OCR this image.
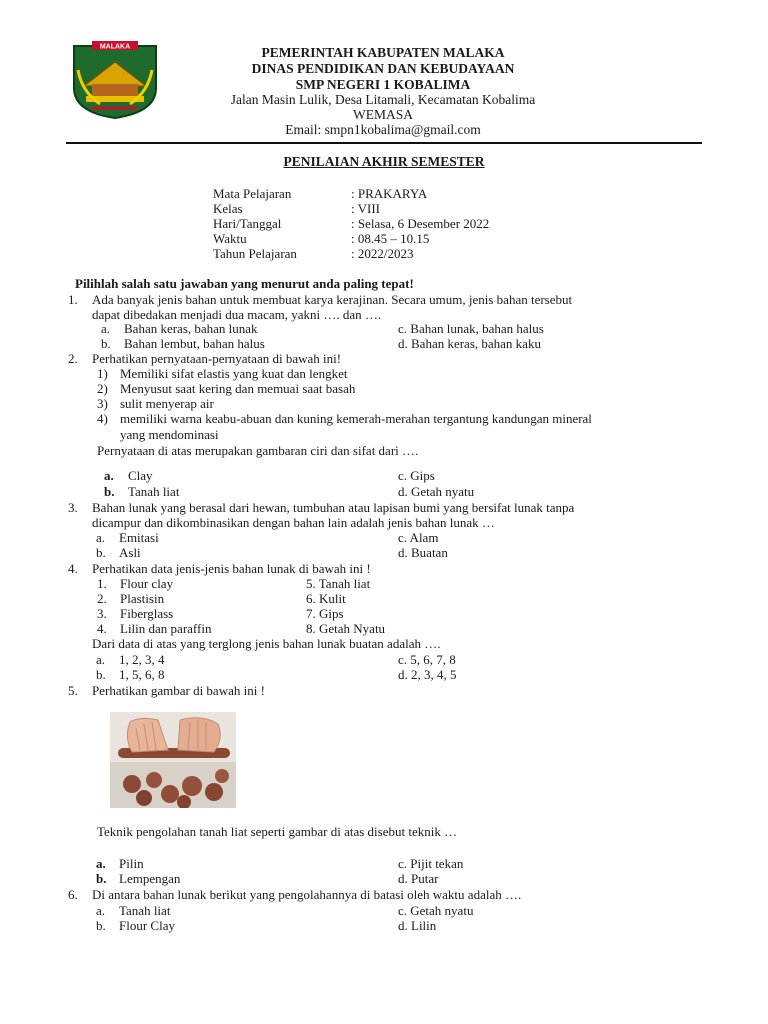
MALAKA	PEMERINTAH KABUPATEN MALAKA
DINAS PENDIDIKAN DAN KEBUDAYAAN
SMP NEGERI 1 KOBALIMA
Jalan Masin Lulik, Desa Litamali, Kecamatan Kobalima
WEMASA
Email: smpn1kobalima@gmail.com
PENILAIAN AKHIR SEMESTER
Mata Pelajaran	: PRAKARYA
Kelas	: VIII
Hari/Tanggal	: Selasa, 6 Desember 2022
Waktu	: 08.45 – 10.15
Tahun Pelajaran	: 2022/2023
Pilihlah salah satu jawaban yang menurut anda paling tepat!
1. Ada banyak jenis bahan untuk membuat karya kerajinan. Secara umum, jenis bahan tersebut
dapat dibedakan menjadi dua macam, yakni …. dan ….
a. Bahan keras, bahan lunak
b. Bahan lembut, bahan halus
c. Bahan lunak, bahan halus
d. Bahan keras, bahan kaku
2. Perhatikan pernyataan-pernyataan di bawah ini!
1) Memiliki sifat elastis yang kuat dan lengket
2) Menyusut saat kering dan memuai saat basah
3) sulit menyerap air
4) memiliki warna keabu-abuan dan kuning kemerah-merahan tergantung kandungan mineral
yang mendominasi
Pernyataan di atas merupakan gambaran ciri dan sifat dari ….
a. Clay
b. Tanah liat
c. Gips
d. Getah nyatu
3. Bahan lunak yang berasal dari hewan, tumbuhan atau lapisan bumi yang bersifat lunak tanpa
dicampur dan dikombinasikan dengan bahan lain adalah jenis bahan lunak …
a. Emitasi
b. Asli
c. Alam
d. Buatan
4. Perhatikan data jenis-jenis bahan lunak di bawah ini !
1. Flour clay
2. Plastisin
3. Fiberglass
4. Lilin dan paraffin
5. Tanah liat
6. Kulit
7. Gips
8. Getah Nyatu
Dari data di atas yang terglong jenis bahan lunak buatan adalah ….
a. 1, 2, 3, 4
b. 1, 5, 6, 8
c. 5, 6, 7, 8
d. 2, 3, 4, 5
5. Perhatikan gambar di bawah ini !
Teknik pengolahan tanah liat seperti gambar di atas disebut teknik …
a. Pilin
b. Lempengan
c. Pijit tekan
d. Putar
6. Di antara bahan lunak berikut yang pengolahannya di batasi oleh waktu adalah ….
a. Tanah liat
b. Flour Clay
c. Getah nyatu
d. Lilin
